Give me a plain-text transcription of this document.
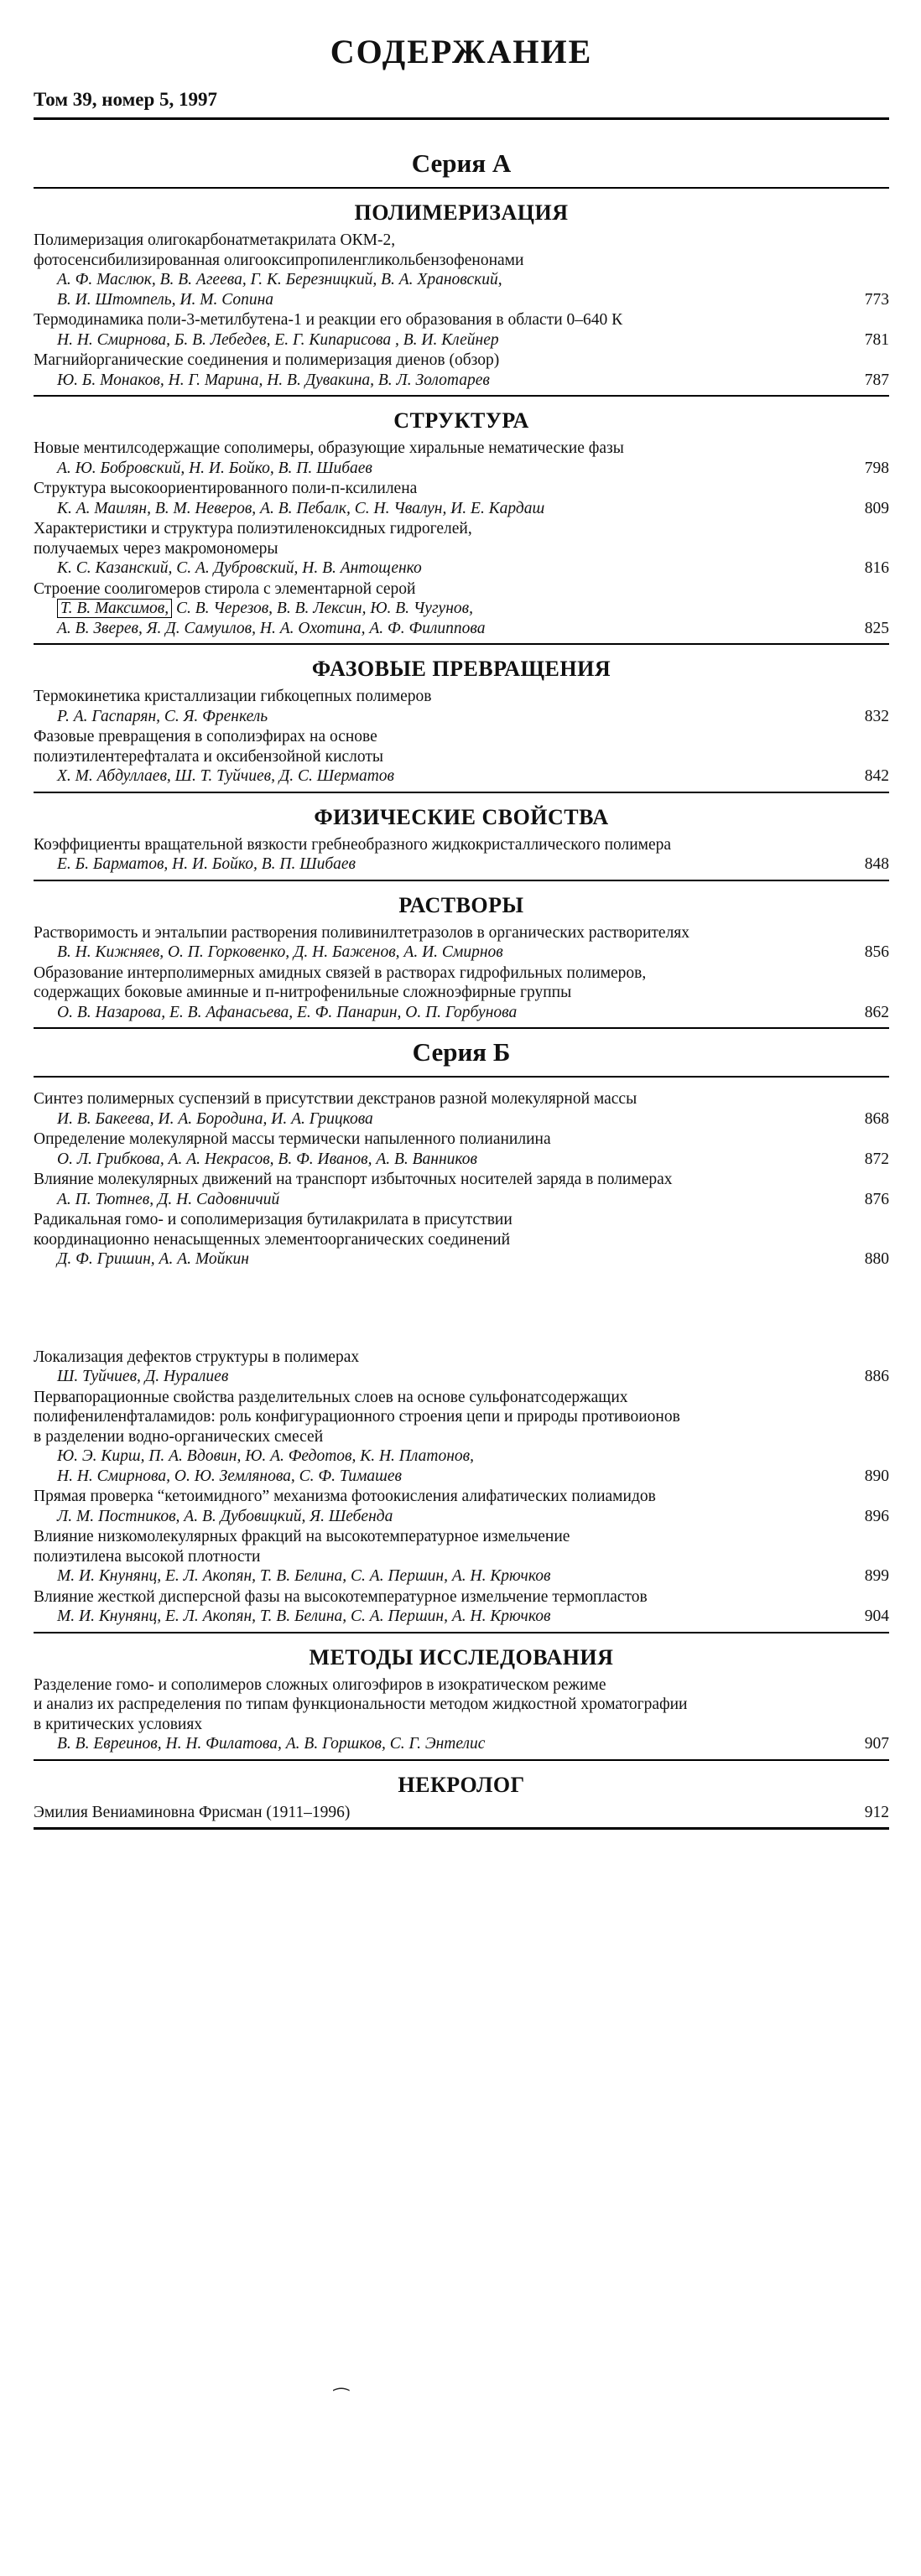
СОДЕРЖАНИЕ
Том 39, номер 5, 1997
Серия А
ПОЛИМЕРИЗАЦИЯ
Полимеризация олигокарбонатметакрилата ОКМ-2,
фотосенсибилизированная олигооксипропиленгликольбензофенонами
А. Ф. Маслюк, В. В. Агеева, Г. К. Березницкий, В. А. Храновский,
В. И. Штомпель, И. М. Сопина	773
Термодинамика поли-3-метилбутена-1 и реакции его образования в области 0–640 К
Н. Н. Смирнова, Б. В. Лебедев, Е. Г. Кипарисова , В. И. Клейнер	781
Магнийорганические соединения и полимеризация диенов (обзор)
Ю. Б. Монаков, Н. Г. Марина, Н. В. Дувакина, В. Л. Золотарев	787
СТРУКТУРА
Новые ментилсодержащие сополимеры, образующие хиральные нематические фазы
А. Ю. Бобровский, Н. И. Бойко, В. П. Шибаев	798
Структура высокоориентированного поли-п-ксилилена
К. А. Маилян, В. М. Неверов, А. В. Пебалк, С. Н. Чвалун, И. Е. Кардаш	809
Характеристики и структура полиэтиленоксидных гидрогелей,
получаемых через макромономеры
К. С. Казанский, С. А. Дубровский, Н. В. Антощенко	816
Строение соолигомеров стирола с элементарной серой
Т. В. Максимов, С. В. Черезов, В. В. Лексин, Ю. В. Чугунов,
А. В. Зверев, Я. Д. Самуилов, Н. А. Охотина, А. Ф. Филиппова	825
ФАЗОВЫЕ ПРЕВРАЩЕНИЯ
Термокинетика кристаллизации гибкоцепных полимеров
Р. А. Гаспарян, С. Я. Френкель	832
Фазовые превращения в сополиэфирах на основе
полиэтилентерефталата и оксибензойной кислоты
Х. М. Абдуллаев, Ш. Т. Туйчиев, Д. С. Шерматов	842
ФИЗИЧЕСКИЕ СВОЙСТВА
Коэффициенты вращательной вязкости гребнеобразного жидкокристаллического полимера
Е. Б. Барматов, Н. И. Бойко, В. П. Шибаев	848
РАСТВОРЫ
Растворимость и энтальпии растворения поливинилтетразолов в органических растворителях
В. Н. Кижняев, О. П. Горковенко, Д. Н. Баженов, А. И. Смирнов	856
Образование интерполимерных амидных связей в растворах гидрофильных полимеров,
содержащих боковые аминные и п-нитрофенильные сложноэфирные группы
О. В. Назарова, Е. В. Афанасьева, Е. Ф. Панарин, О. П. Горбунова	862
Серия Б
Синтез полимерных суспензий в присутствии декстранов разной молекулярной массы
И. В. Бакеева, И. А. Бородина, И. А. Грицкова	868
Определение молекулярной массы термически напыленного полианилина
О. Л. Грибкова, А. А. Некрасов, В. Ф. Иванов, А. В. Ванников	872
Влияние молекулярных движений на транспорт избыточных носителей заряда в полимерах
А. П. Тютнев, Д. Н. Садовничий	876
Радикальная гомо- и сополимеризация бутилакрилата в присутствии
координационно ненасыщенных элементоорганических соединений
Д. Ф. Гришин, А. А. Мойкин	880
Локализация дефектов структуры в полимерах
Ш. Туйчиев, Д. Нуралиев	886
Первапорационные свойства разделительных слоев на основе сульфонатсодержащих
полифениленфталамидов: роль конфигурационного строения цепи и природы противоионов
в разделении водно-органических смесей
Ю. Э. Кирш, П. А. Вдовин, Ю. А. Федотов, К. Н. Платонов,
Н. Н. Смирнова, О. Ю. Землянова, С. Ф. Тимашев	890
Прямая проверка “кетоимидного” механизма фотоокисления алифатических полиамидов
Л. М. Постников, А. В. Дубовицкий, Я. Шебенда	896
Влияние низкомолекулярных фракций на высокотемпературное измельчение
полиэтилена высокой плотности
М. И. Кнунянц, Е. Л. Акопян, Т. В. Белина, С. А. Першин, А. Н. Крючков	899
Влияние жесткой дисперсной фазы на высокотемпературное измельчение термопластов
М. И. Кнунянц, Е. Л. Акопян, Т. В. Белина, С. А. Першин, А. Н. Крючков	904
МЕТОДЫ ИССЛЕДОВАНИЯ
Разделение гомо- и сополимеров сложных олигоэфиров в изократическом режиме
и анализ их распределения по типам функциональности методом жидкостной хроматографии
в критических условиях
В. В. Евреинов, Н. Н. Филатова, А. В. Горшков, С. Г. Энтелис	907
НЕКРОЛОГ
Эмилия Вениаминовна Фрисман (1911–1996)	912
⁀
